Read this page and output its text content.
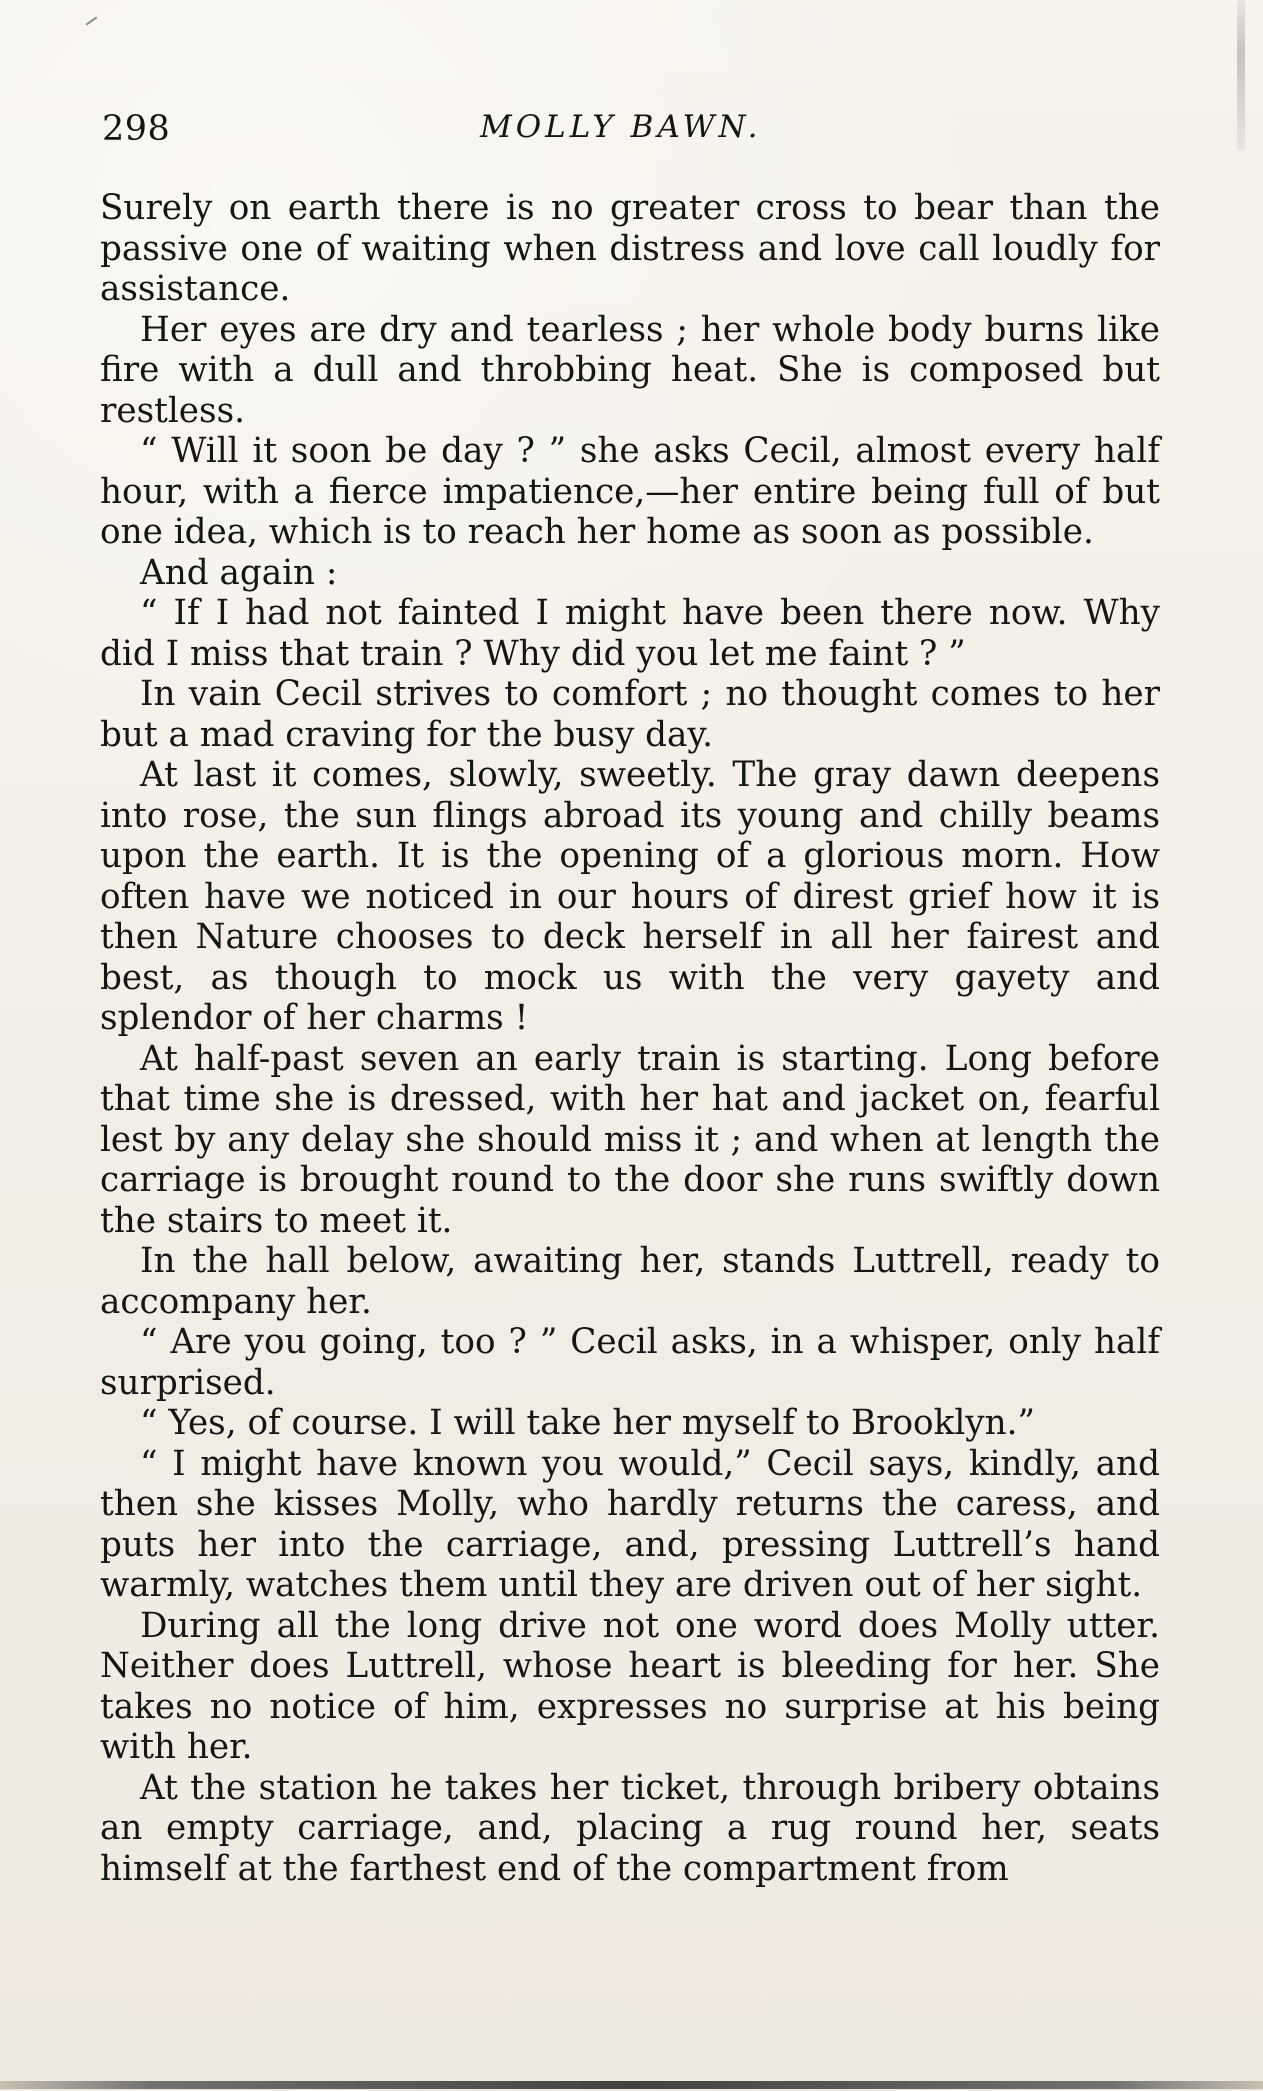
298	MOLLY BAWN.

Surely on earth there is no greater cross to bear than the passive one of waiting when distress and love call loudly for assistance.

Her eyes are dry and tearless ; her whole body burns like fire with a dull and throbbing heat. She is composed but restless.

“ Will it soon be day ? ” she asks Cecil, almost every half hour, with a fierce impatience,—her entire being full of but one idea, which is to reach her home as soon as possible.

And again :

“ If I had not fainted I might have been there now. Why did I miss that train ? Why did you let me faint ? ”

In vain Cecil strives to comfort ; no thought comes to her but a mad craving for the busy day.

At last it comes, slowly, sweetly. The gray dawn deepens into rose, the sun flings abroad its young and chilly beams upon the earth. It is the opening of a glorious morn. How often have we noticed in our hours of direst grief how it is then Nature chooses to deck herself in all her fairest and best, as though to mock us with the very gayety and splendor of her charms !

At half-past seven an early train is starting. Long before that time she is dressed, with her hat and jacket on, fearful lest by any delay she should miss it ; and when at length the carriage is brought round to the door she runs swiftly down the stairs to meet it.

In the hall below, awaiting her, stands Luttrell, ready to accompany her.

“ Are you going, too ? ” Cecil asks, in a whisper, only half surprised.

“ Yes, of course. I will take her myself to Brooklyn.”

“ I might have known you would,” Cecil says, kindly, and then she kisses Molly, who hardly returns the caress, and puts her into the carriage, and, pressing Luttrell’s hand warmly, watches them until they are driven out of her sight.

During all the long drive not one word does Molly utter. Neither does Luttrell, whose heart is bleeding for her. She takes no notice of him, expresses no surprise at his being with her.

At the station he takes her ticket, through bribery obtains an empty carriage, and, placing a rug round her, seats himself at the farthest end of the compartment from
